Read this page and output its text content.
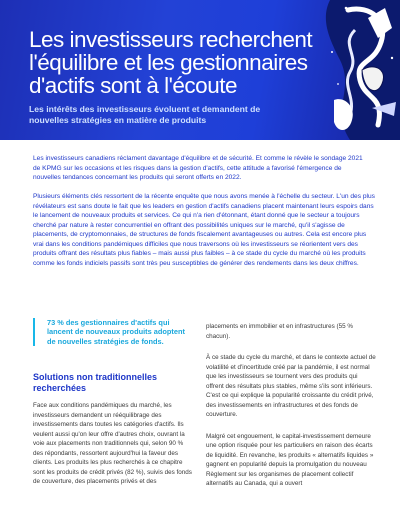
Les investisseurs recherchent l'équilibre et les gestionnaires d'actifs sont à l'écoute

Les intérêts des investisseurs évoluent et demandent de nouvelles stratégies en matière de produits

Les investisseurs canadiens réclament davantage d'équilibre et de sécurité. Et comme le révèle le sondage 2021 de KPMG sur les occasions et les risques dans la gestion d'actifs, cette attitude a favorisé l'émergence de nouvelles tendances concernant les produits qui seront offerts en 2022.

Plusieurs éléments clés ressortent de la récente enquête que nous avons menée à l'échelle du secteur. L'un des plus révélateurs est sans doute le fait que les leaders en gestion d'actifs canadiens placent maintenant leurs espoirs dans le lancement de nouveaux produits et services. Ce qui n'a rien d'étonnant, étant donné que le secteur a toujours cherché par nature à rester concurrentiel en offrant des possibilités uniques sur le marché, qu'il s'agisse de placements, de cryptomonnaies, de structures de fonds fiscalement avantageuses ou autres. Cela est encore plus vrai dans les conditions pandémiques difficiles que nous traversons où les investisseurs se réorientent vers des produits offrant des résultats plus fiables – mais aussi plus faibles – à ce stade du cycle du marché où les produits comme les fonds indiciels passifs sont très peu susceptibles de générer des rendements dans les deux chiffres.

73 % des gestionnaires d'actifs qui lancent de nouveaux produits adoptent de nouvelles stratégies de fonds.

Solutions non traditionnelles recherchées

Face aux conditions pandémiques du marché, les investisseurs demandent un rééquilibrage des investissements dans toutes les catégories d'actifs. Ils veulent aussi qu'on leur offre d'autres choix, ouvrant la voie aux placements non traditionnels qui, selon 90 % des répondants, ressortent aujourd'hui la faveur des clients. Les produits les plus recherchés à ce chapitre sont les produits de crédit privés (82 %), suivis des fonds de couverture, des placements privés et des

placements en immobilier et en infrastructures (55 % chacun).

À ce stade du cycle du marché, et dans le contexte actuel de volatilité et d'incertitude créé par la pandémie, il est normal que les investisseurs se tournent vers des produits qui offrent des résultats plus stables, même s'ils sont inférieurs. C'est ce qui explique la popularité croissante du crédit privé, des investissements en infrastructures et des fonds de couverture.

Malgré cet engouement, le capital-investissement demeure une option risquée pour les particuliers en raison des écarts de liquidité. En revanche, les produits « alternatifs liquides » gagnent en popularité depuis la promulgation du nouveau Règlement sur les organismes de placement collectif alternatifs au Canada, qui a ouvert
